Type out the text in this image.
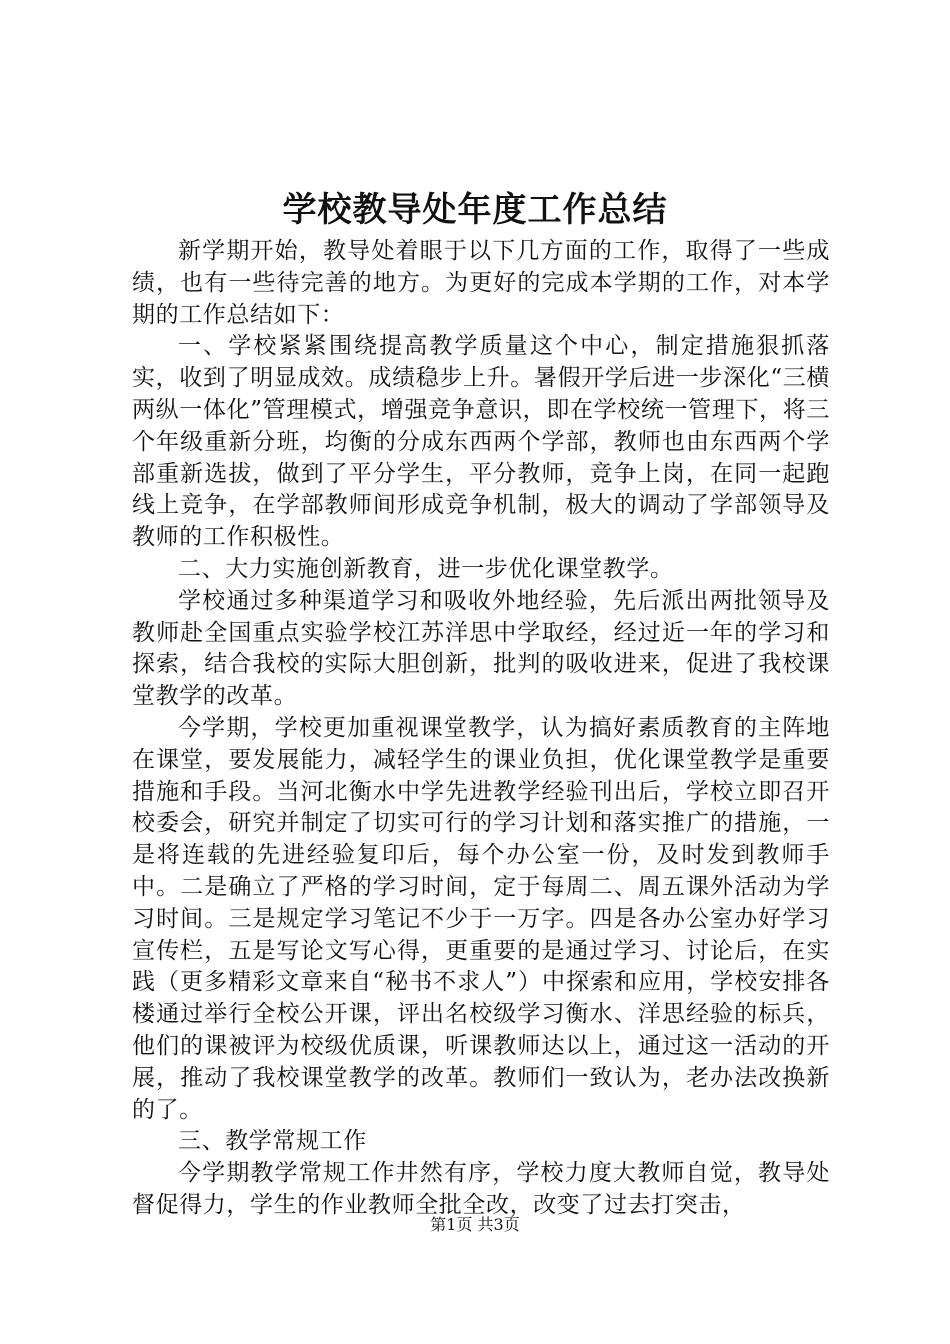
学校教导处年度工作总结

新学期开始，教导处着眼于以下几方面的工作，取得了一些成绩，也有一些待完善的地方。为更好的完成本学期的工作，对本学期的工作总结如下：

一、学校紧紧围绕提高教学质量这个中心，制定措施狠抓落实，收到了明显成效。成绩稳步上升。暑假开学后进一步深化“三横两纵一体化”管理模式，增强竞争意识，即在学校统一管理下，将三个年级重新分班，均衡的分成东西两个学部，教师也由东西两个学部重新选拔，做到了平分学生，平分教师，竞争上岗，在同一起跑线上竞争，在学部教师间形成竞争机制，极大的调动了学部领导及教师的工作积极性。

二、大力实施创新教育，进一步优化课堂教学。

学校通过多种渠道学习和吸收外地经验，先后派出两批领导及教师赴全国重点实验学校江苏洋思中学取经，经过近一年的学习和探索，结合我校的实际大胆创新，批判的吸收进来，促进了我校课堂教学的改革。

今学期，学校更加重视课堂教学，认为搞好素质教育的主阵地在课堂，要发展能力，减轻学生的课业负担，优化课堂教学是重要措施和手段。当河北衡水中学先进教学经验刊出后，学校立即召开校委会，研究并制定了切实可行的学习计划和落实推广的措施，一是将连载的先进经验复印后，每个办公室一份，及时发到教师手中。二是确立了严格的学习时间，定于每周二、周五课外活动为学习时间。三是规定学习笔记不少于一万字。四是各办公室办好学习宣传栏，五是写论文写心得，更重要的是通过学习、讨论后，在实践（更多精彩文章来自“秘书不求人”）中探索和应用，学校安排各楼通过举行全校公开课，评出名校级学习衡水、洋思经验的标兵，他们的课被评为校级优质课，听课教师达以上，通过这一活动的开展，推动了我校课堂教学的改革。教师们一致认为，老办法改换新的了。

三、教学常规工作

今学期教学常规工作井然有序，学校力度大教师自觉，教导处督促得力，学生的作业教师全批全改，改变了过去打突击，

第1页 共3页
